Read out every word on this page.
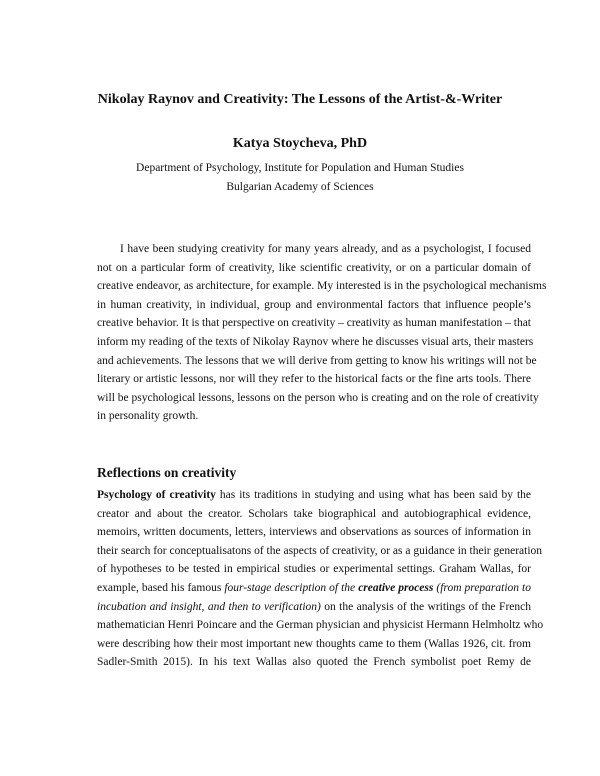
Nikolay Raynov and Creativity: The Lessons of the Artist-&-Writer
Katya Stoycheva, PhD
Department of Psychology, Institute for Population and Human Studies
Bulgarian Academy of Sciences
I have been studying creativity for many years already, and as a psychologist, I focused
not on a particular form of creativity, like scientific creativity, or on a particular domain of
creative endeavor, as architecture, for example. My interested is in the psychological mechanisms
in human creativity, in individual, group and environmental factors that influence people’s
creative behavior. It is that perspective on creativity – creativity as human manifestation – that
inform my reading of the texts of Nikolay Raynov where he discusses visual arts, their masters
and achievements. The lessons that we will derive from getting to know his writings will not be
literary or artistic lessons, nor will they refer to the historical facts or the fine arts tools. There
will be psychological lessons, lessons on the person who is creating and on the role of creativity
in personality growth.
Reflections on creativity
Psychology of creativity has its traditions in studying and using what has been said by the
creator and about the creator. Scholars take biographical and autobiographical evidence,
memoirs, written documents, letters, interviews and observations as sources of information in
their search for conceptualisatons of the aspects of creativity, or as a guidance in their generation
of hypotheses to be tested in empirical studies or experimental settings. Graham Wallas, for
example, based his famous four-stage description of the creative process (from preparation to
incubation and insight, and then to verification) on the analysis of the writings of the French
mathematician Henri Poincare and the German physician and physicist Hermann Helmholtz who
were describing how their most important new thoughts came to them (Wallas 1926, cit. from
Sadler-Smith 2015). In his text Wallas also quoted the French symbolist poet Remy de
